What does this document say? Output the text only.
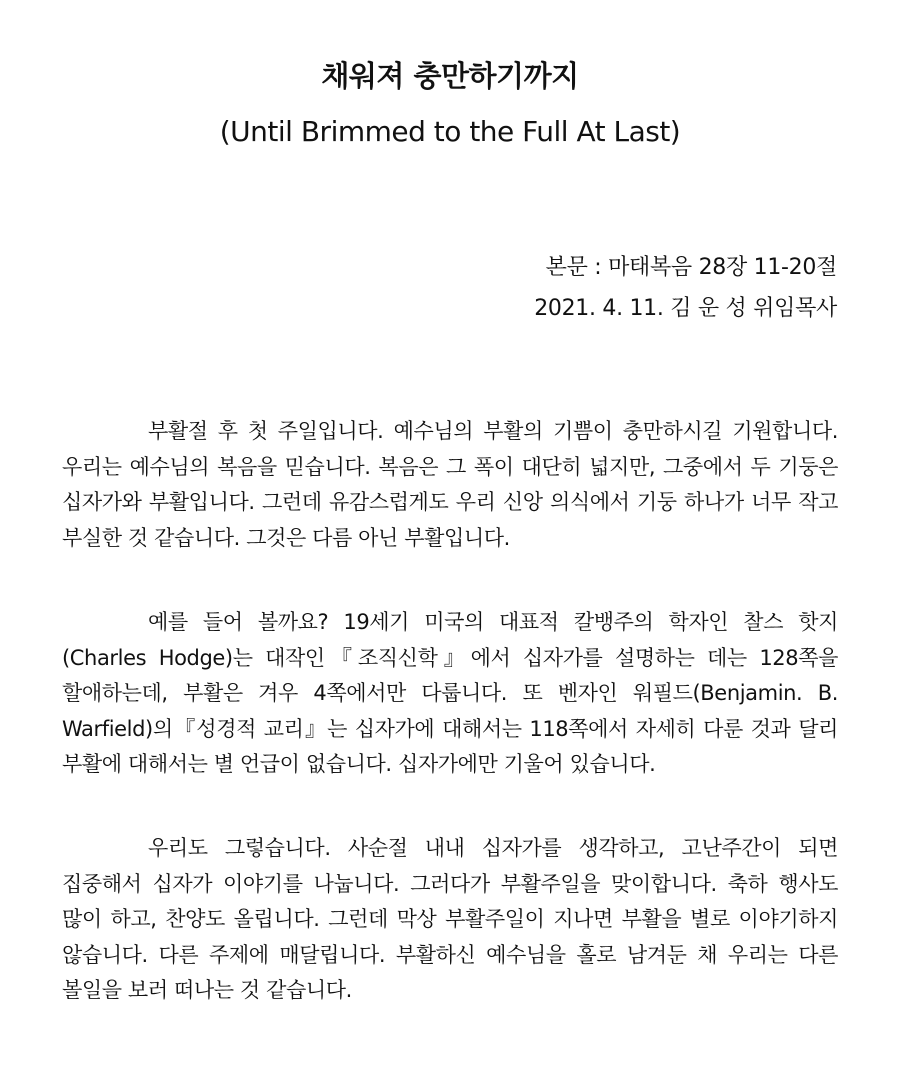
채워져 충만하기까지
(Until Brimmed to the Full At Last)
본문 : 마태복음 28장 11-20절
2021. 4. 11. 김 운 성 위임목사

부활절 후 첫 주일입니다. 예수님의 부활의 기쁨이 충만하시길 기원합니다. 우리는 예수님의 복음을 믿습니다. 복음은 그 폭이 대단히 넓지만, 그중에서 두 기둥은 십자가와 부활입니다. 그런데 유감스럽게도 우리 신앙 의식에서 기둥 하나가 너무 작고 부실한 것 같습니다. 그것은 다름 아닌 부활입니다.

예를 들어 볼까요? 19세기 미국의 대표적 칼뱅주의 학자인 찰스 핫지(Charles Hodge)는 대작인『조직신학』에서 십자가를 설명하는 데는 128쪽을 할애하는데, 부활은 겨우 4쪽에서만 다룹니다. 또 벤자인 워필드(Benjamin. B. Warfield)의『성경적 교리』는 십자가에 대해서는 118쪽에서 자세히 다룬 것과 달리 부활에 대해서는 별 언급이 없습니다. 십자가에만 기울어 있습니다.

우리도 그렇습니다. 사순절 내내 십자가를 생각하고, 고난주간이 되면 집중해서 십자가 이야기를 나눕니다. 그러다가 부활주일을 맞이합니다. 축하 행사도 많이 하고, 찬양도 올립니다. 그런데 막상 부활주일이 지나면 부활을 별로 이야기하지 않습니다. 다른 주제에 매달립니다. 부활하신 예수님을 홀로 남겨둔 채 우리는 다른 볼일을 보러 떠나는 것 같습니다.
